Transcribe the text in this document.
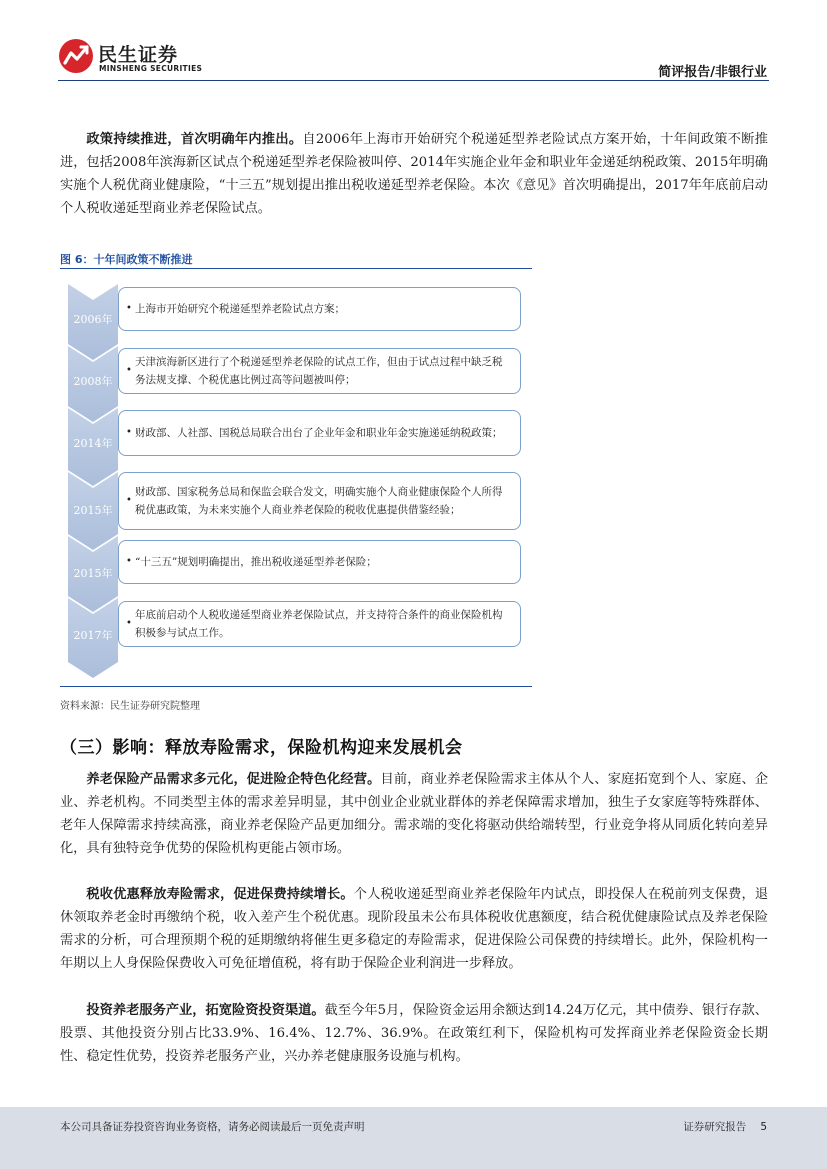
民生证券
MINSHENG SECURITIES	简评报告/非银行业

政策持续推进，首次明确年内推出。自2006年上海市开始研究个税递延型养老险试点方案开始，十年间政策不断推进，包括2008年滨海新区试点个税递延型养老保险被叫停、2014年实施企业年金和职业年金递延纳税政策、2015年明确实施个人税优商业健康险，“十三五”规划提出推出税收递延型养老保险。本次《意见》首次明确提出，2017年年底前启动个人税收递延型商业养老保险试点。

图 6：十年间政策不断推进
2006年
2008年
2014年
2015年
2015年
2017年
• 上海市开始研究个税递延型养老险试点方案；
•
天津滨海新区进行了个税递延型养老保险的试点工作，但由于试点过程中缺乏税务法规支撑、个税优惠比例过高等问题被叫停；
• 财政部、人社部、国税总局联合出台了企业年金和职业年金实施递延纳税政策；
•
财政部、国家税务总局和保监会联合发文，明确实施个人商业健康保险个人所得税优惠政策，为未来实施个人商业养老保险的税收优惠提供借鉴经验；
• “十三五”规划明确提出，推出税收递延型养老保险；
•
年底前启动个人税收递延型商业养老保险试点，并支持符合条件的商业保险机构积极参与试点工作。
资料来源：民生证券研究院整理
（三）影响：释放寿险需求，保险机构迎来发展机会

养老保险产品需求多元化，促进险企特色化经营。目前，商业养老保险需求主体从个人、家庭拓宽到个人、家庭、企业、养老机构。不同类型主体的需求差异明显，其中创业企业就业群体的养老保障需求增加，独生子女家庭等特殊群体、老年人保障需求持续高涨，商业养老保险产品更加细分。需求端的变化将驱动供给端转型，行业竞争将从同质化转向差异化，具有独特竞争优势的保险机构更能占领市场。

税收优惠释放寿险需求，促进保费持续增长。个人税收递延型商业养老保险年内试点，即投保人在税前列支保费，退休领取养老金时再缴纳个税，收入差产生个税优惠。现阶段虽未公布具体税收优惠额度，结合税优健康险试点及养老保险需求的分析，可合理预期个税的延期缴纳将催生更多稳定的寿险需求，促进保险公司保费的持续增长。此外，保险机构一年期以上人身保险保费收入可免征增值税，将有助于保险企业利润进一步释放。

投资养老服务产业，拓宽险资投资渠道。截至今年5月，保险资金运用余额达到14.24万亿元，其中债券、银行存款、股票、其他投资分别占比33.9%、16.4%、12.7%、36.9%。在政策红利下，保险机构可发挥商业养老保险资金长期性、稳定性优势，投资养老服务产业，兴办养老健康服务设施与机构。

本公司具备证券投资咨询业务资格，请务必阅读最后一页免责声明	证券研究报告 5
